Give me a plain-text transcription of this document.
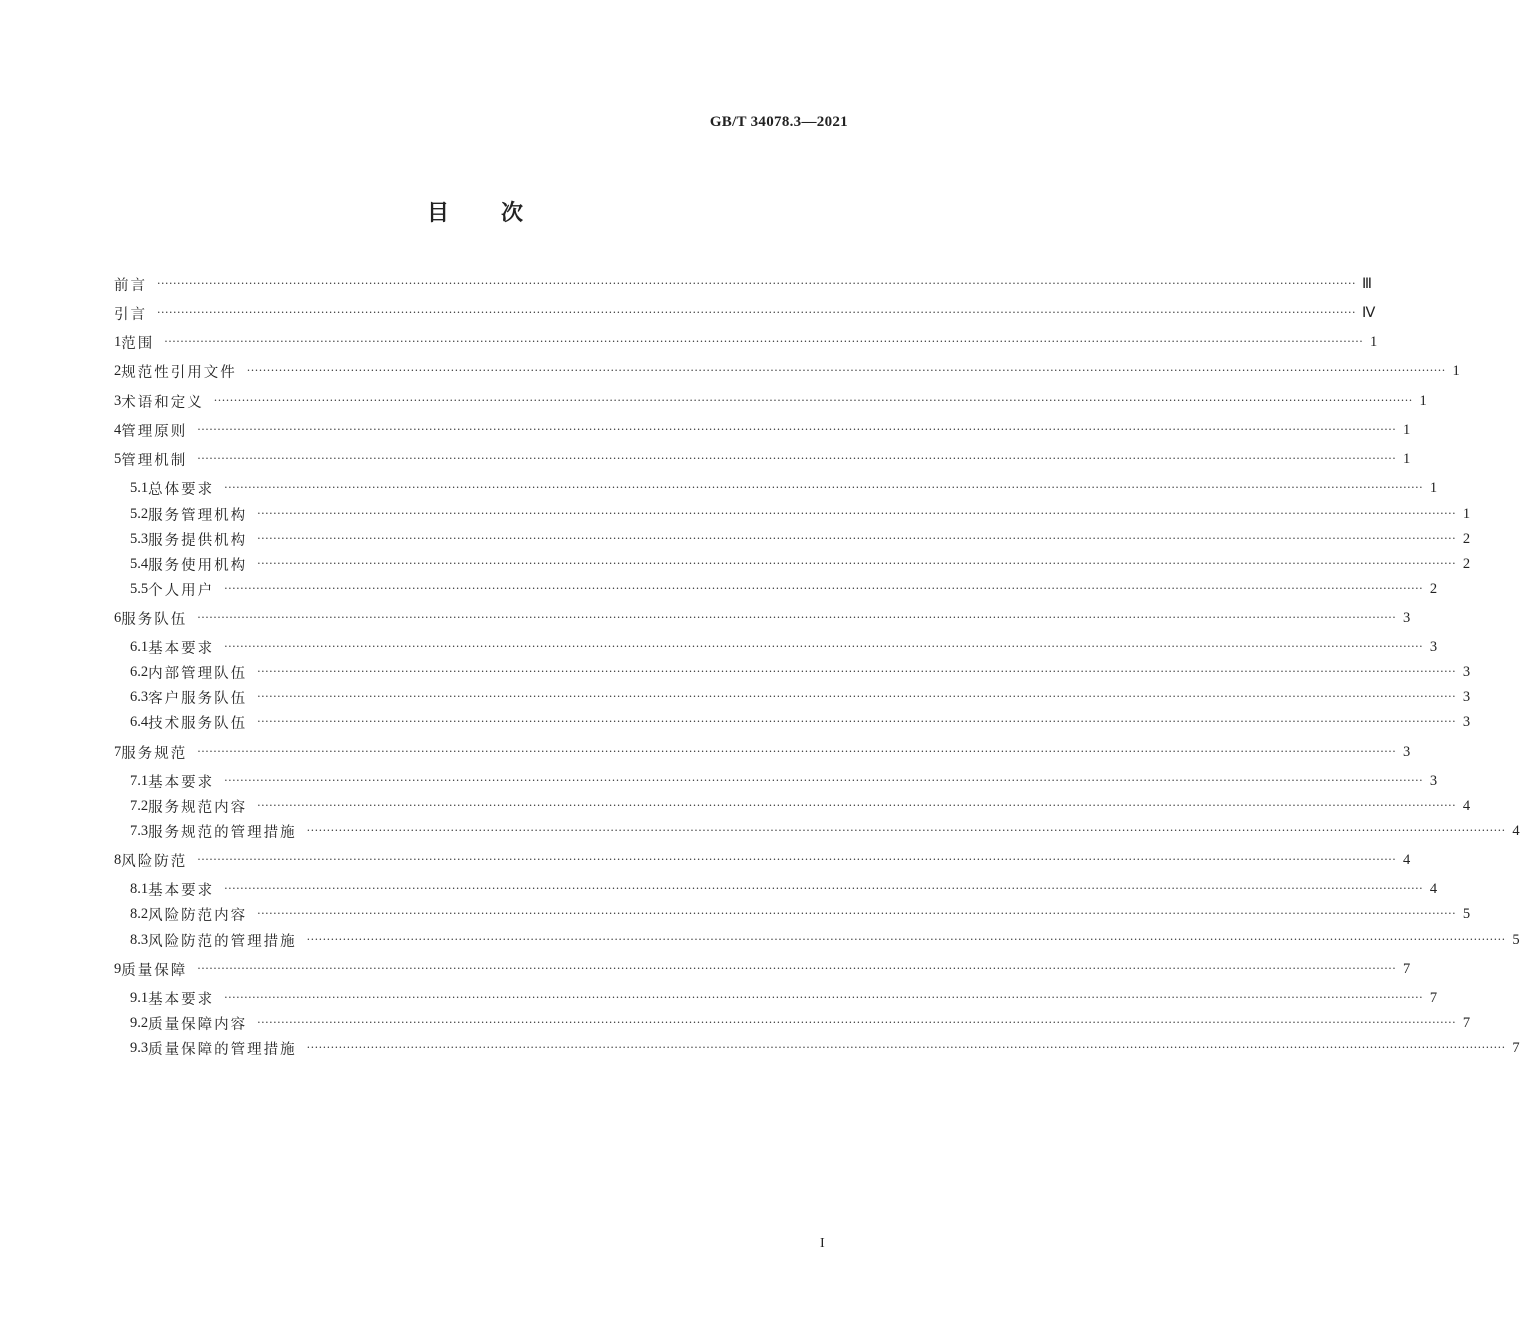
GB/T 34078.3—2021
目次
前言 ············································································································································································································································································································ Ⅲ
引言 ············································································································································································································································································································ Ⅳ
1 范围 ············································································································································································································································································································ 1
2 规范性引用文件 ············································································································································································································································································································ 1
3 术语和定义 ············································································································································································································································································································ 1
4 管理原则 ············································································································································································································································································································ 1
5 管理机制 ············································································································································································································································································································ 1
5.1 总体要求 ············································································································································································································································································································ 1
5.2 服务管理机构 ············································································································································································································································································································ 1
5.3 服务提供机构 ············································································································································································································································································································ 2
5.4 服务使用机构 ············································································································································································································································································································ 2
5.5 个人用户 ············································································································································································································································································································ 2
6 服务队伍 ············································································································································································································································································································ 3
6.1 基本要求 ············································································································································································································································································································ 3
6.2 内部管理队伍 ············································································································································································································································································································ 3
6.3 客户服务队伍 ············································································································································································································································································································ 3
6.4 技术服务队伍 ············································································································································································································································································································ 3
7 服务规范 ············································································································································································································································································································ 3
7.1 基本要求 ············································································································································································································································································································ 3
7.2 服务规范内容 ············································································································································································································································································································ 4
7.3 服务规范的管理措施 ············································································································································································································································································································ 4
8 风险防范 ············································································································································································································································································································ 4
8.1 基本要求 ············································································································································································································································································································ 4
8.2 风险防范内容 ············································································································································································································································································································ 5
8.3 风险防范的管理措施 ············································································································································································································································································································ 5
9 质量保障 ············································································································································································································································································································ 7
9.1 基本要求 ············································································································································································································································································································ 7
9.2 质量保障内容 ············································································································································································································································································································ 7
9.3 质量保障的管理措施 ············································································································································································································································································································ 7
I
